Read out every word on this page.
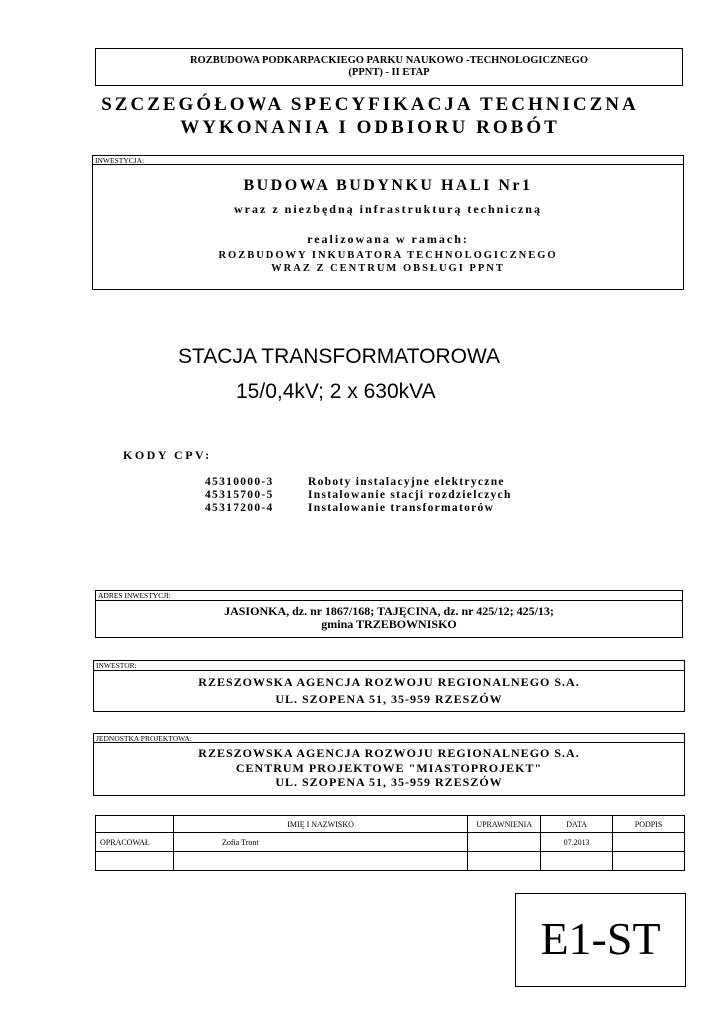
ROZBUDOWA PODKARPACKIEGO PARKU NAUKOWO -TECHNOLOGICZNEGO
(PPNT) - II ETAP
SZCZEGÓŁOWA SPECYFIKACJA TECHNICZNA
WYKONANIA I ODBIORU ROBÓT
INWESTYCJA:
BUDOWA BUDYNKU HALI Nr1
wraz z niezbędną infrastrukturą techniczną
realizowana w ramach:
ROZBUDOWY INKUBATORA TECHNOLOGICZNEGO
WRAZ Z CENTRUM OBSŁUGI PPNT
STACJA TRANSFORMATOROWA
15/0,4kV; 2 x 630kVA
KODY CPV:
45310000-3	Roboty instalacyjne elektryczne
45315700-5	Instalowanie stacji rozdzielczych
45317200-4	Instalowanie transformatorów
ADRES INWESTYCJI:
JASIONKA, dz. nr 1867/168; TAJĘCINA, dz. nr 425/12; 425/13;
gmina TRZEBOWNISKO
INWESTOR:
RZESZOWSKA AGENCJA ROZWOJU REGIONALNEGO S.A.
UL. SZOPENA 51, 35-959 RZESZÓW
JEDNOSTKA PROJEKTOWA:
RZESZOWSKA AGENCJA ROZWOJU REGIONALNEGO S.A.
CENTRUM PROJEKTOWE "MIASTOPROJEKT"
UL. SZOPENA 51, 35-959 RZESZÓW
	IMIĘ I NAZWISKO	UPRAWNIENIA	DATA	PODPIS
OPRACOWAŁ	Zofia Tront		07.2013	

E1-ST
